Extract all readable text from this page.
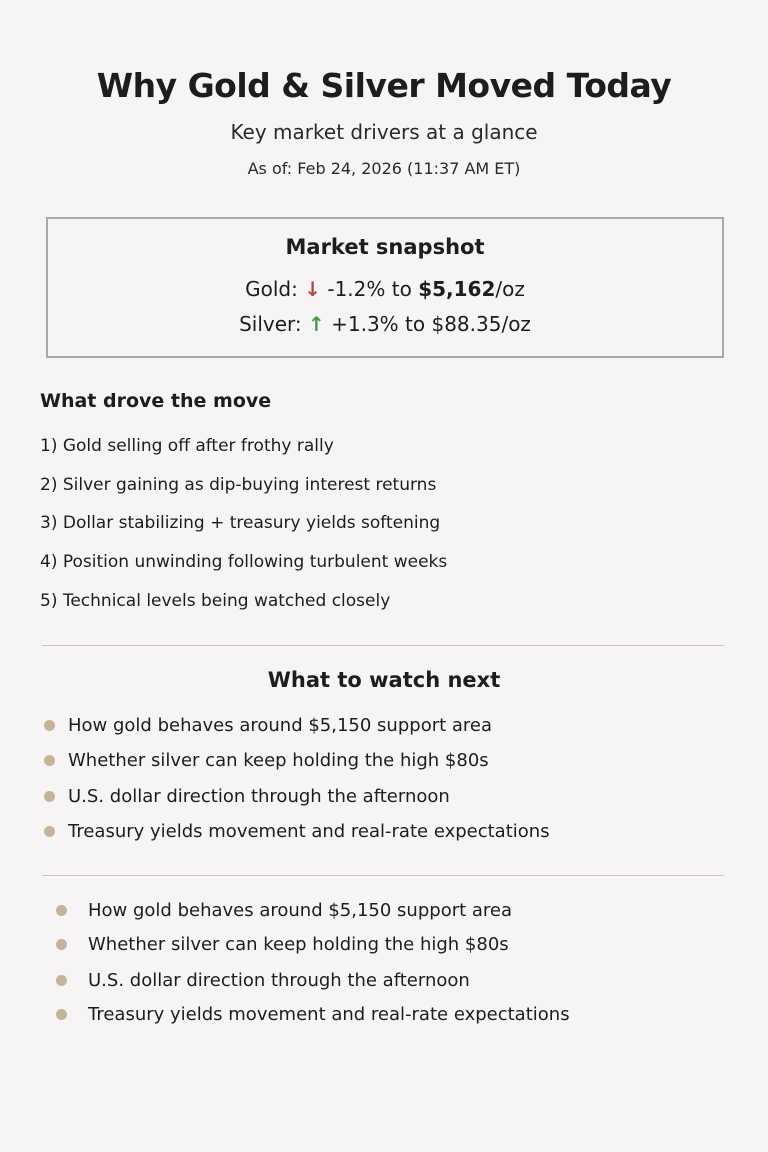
Why Gold & Silver Moved Today
Key market drivers at a glance
As of: Feb 24, 2026 (11:37 AM ET)
Market snapshot
Gold: ↓ -1.2% to $5,162/oz
Silver: ↑ +1.3% to $88.35/oz
What drove the move
1) Gold selling off after frothy rally
2) Silver gaining as dip-buying interest returns
3) Dollar stabilizing + treasury yields softening
4) Position unwinding following turbulent weeks
5) Technical levels being watched closely
What to watch next
How gold behaves around $5,150 support area
Whether silver can keep holding the high $80s
U.S. dollar direction through the afternoon
Treasury yields movement and real-rate expectations
How gold behaves around $5,150 support area
Whether silver can keep holding the high $80s
U.S. dollar direction through the afternoon
Treasury yields movement and real-rate expectations
